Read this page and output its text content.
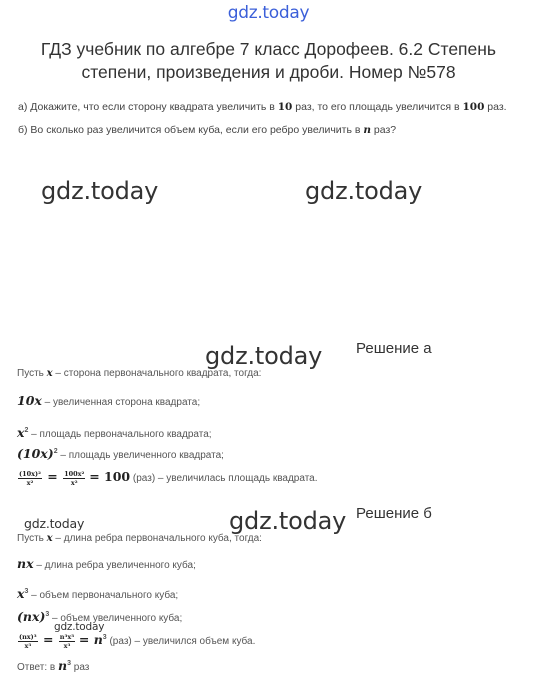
gdz.today
ГДЗ учебник по алгебре 7 класс Дорофеев. 6.2 Степень степени, произведения и дроби. Номер №578
а) Докажите, что если сторону квадрата увеличить в 10 раз, то его площадь увеличится в 100 раз.
б) Во сколько раз увеличится объем куба, если его ребро увеличить в n раз?
gdz.today	gdz.today
gdz.today Решение а
Пусть x – сторона первоначального квадрата, тогда:
10x – увеличенная сторона квадрата;
$x^2$ – площадь первоначального квадрата;
$(10x)^2$ – площадь увеличенного квадрата;
$\frac{\text{(10x)²}}{\text{x²}} = \frac{\text{100x²}}{\text{x²}} = 100$ (раз) – увеличилась площадь квадрата.
gdz.today	gdz.today Решение б
Пусть x – длина ребра первоначального куба, тогда:
nx – длина ребра увеличенного куба;
$x^3$ – объем первоначального куба;
(nx)$^3$ – объем увеличенного куба;
gdz.today
$\frac{\text{(nx)³}}{\text{x³}} = \frac{\text{n³x³}}{\text{x³}} = n^3$ (раз) – увеличился объем куба.
Ответ: в $n^3$ раз
